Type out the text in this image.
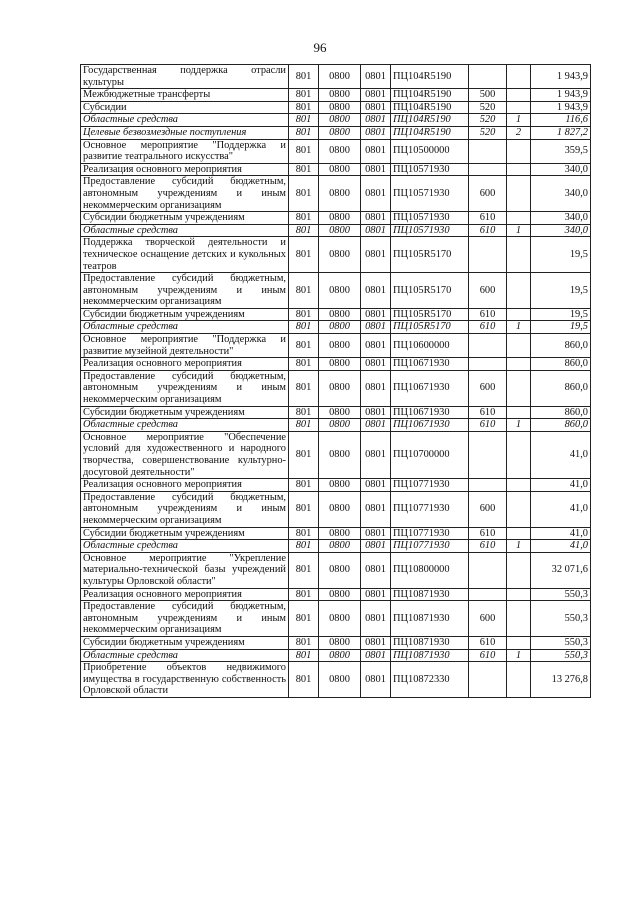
96
Государственная поддержка отрасли культуры	801	0800	0801	ПЦ104R5190			1 943,9
Межбюджетные трансферты	801	0800	0801	ПЦ104R5190	500		1 943,9
Субсидии	801	0800	0801	ПЦ104R5190	520		1 943,9
Областные средства	801	0800	0801	ПЦ104R5190	520	1	116,6
Целевые безвозмездные поступления	801	0800	0801	ПЦ104R5190	520	2	1 827,2
Основное мероприятие "Поддержка и развитие театрального искусства"	801	0800	0801	ПЦ10500000			359,5
Реализация основного мероприятия	801	0800	0801	ПЦ10571930			340,0
Предоставление субсидий бюджетным, автономным учреждениям и иным некоммерческим организациям	801	0800	0801	ПЦ10571930	600		340,0
Субсидии бюджетным учреждениям	801	0800	0801	ПЦ10571930	610		340,0
Областные средства	801	0800	0801	ПЦ10571930	610	1	340,0
Поддержка творческой деятельности и техническое оснащение детских и кукольных театров	801	0800	0801	ПЦ105R5170			19,5
Предоставление субсидий бюджетным, автономным учреждениям и иным некоммерческим организациям	801	0800	0801	ПЦ105R5170	600		19,5
Субсидии бюджетным учреждениям	801	0800	0801	ПЦ105R5170	610		19,5
Областные средства	801	0800	0801	ПЦ105R5170	610	1	19,5
Основное мероприятие "Поддержка и развитие музейной деятельности"	801	0800	0801	ПЦ10600000			860,0
Реализация основного мероприятия	801	0800	0801	ПЦ10671930			860,0
Предоставление субсидий бюджетным, автономным учреждениям и иным некоммерческим организациям	801	0800	0801	ПЦ10671930	600		860,0
Субсидии бюджетным учреждениям	801	0800	0801	ПЦ10671930	610		860,0
Областные средства	801	0800	0801	ПЦ10671930	610	1	860,0
Основное мероприятие "Обеспечение условий для художественного и народного творчества, совершенствование культурно-досуговой деятельности"	801	0800	0801	ПЦ10700000			41,0
Реализация основного мероприятия	801	0800	0801	ПЦ10771930			41,0
Предоставление субсидий бюджетным, автономным учреждениям и иным некоммерческим организациям	801	0800	0801	ПЦ10771930	600		41,0
Субсидии бюджетным учреждениям	801	0800	0801	ПЦ10771930	610		41,0
Областные средства	801	0800	0801	ПЦ10771930	610	1	41,0
Основное мероприятие "Укрепление материально-технической базы учреждений культуры Орловской области"	801	0800	0801	ПЦ10800000			32 071,6
Реализация основного мероприятия	801	0800	0801	ПЦ10871930			550,3
Предоставление субсидий бюджетным, автономным учреждениям и иным некоммерческим организациям	801	0800	0801	ПЦ10871930	600		550,3
Субсидии бюджетным учреждениям	801	0800	0801	ПЦ10871930	610		550,3
Областные средства	801	0800	0801	ПЦ10871930	610	1	550,3
Приобретение объектов недвижимого имущества в государственную собственность Орловской области	801	0800	0801	ПЦ10872330			13 276,8
